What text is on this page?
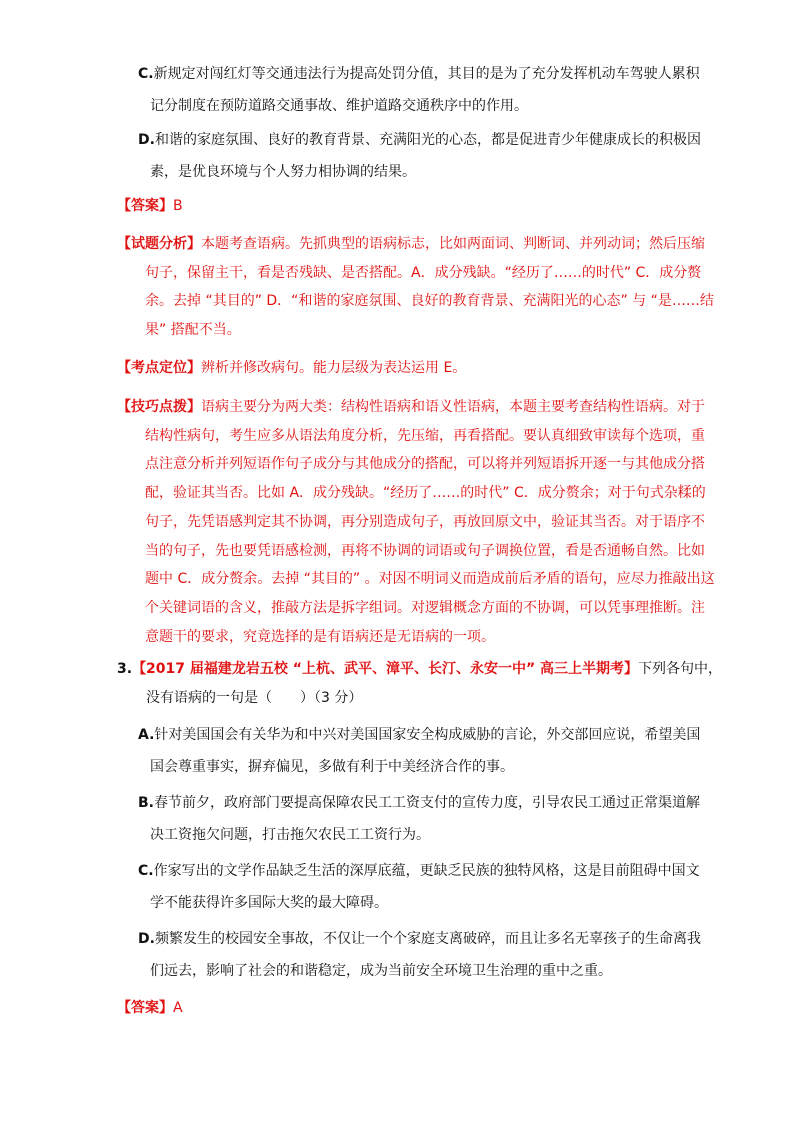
C.新规定对闯红灯等交通违法行为提高处罚分值，其目的是为了充分发挥机动车驾驶人累积记分制度在预防道路交通事故、维护道路交通秩序中的作用。

D.和谐的家庭氛围、良好的教育背景、充满阳光的心态，都是促进青少年健康成长的积极因素，是优良环境与个人努力相协调的结果。

【答案】B

【试题分析】本题考查语病。先抓典型的语病标志，比如两面词、判断词、并列动词；然后压缩句子，保留主干，看是否残缺、是否搭配。A．成分残缺。“经历了……的时代” C．成分赘余。去掉 “其目的” D．“和谐的家庭氛围、良好的教育背景、充满阳光的心态” 与 “是……结果” 搭配不当。

【考点定位】辨析并修改病句。能力层级为表达运用 E。

【技巧点拨】语病主要分为两大类：结构性语病和语义性语病，本题主要考查结构性语病。对于结构性病句，考生应多从语法角度分析，先压缩，再看搭配。要认真细致审读每个选项，重点注意分析并列短语作句子成分与其他成分的搭配，可以将并列短语拆开逐一与其他成分搭配，验证其当否。比如 A．成分残缺。“经历了……的时代” C．成分赘余；对于句式杂糅的句子，先凭语感判定其不协调，再分别造成句子，再放回原文中，验证其当否。对于语序不当的句子，先也要凭语感检测，再将不协调的词语或句子调换位置，看是否通畅自然。比如题中 C．成分赘余。去掉 “其目的” 。对因不明词义而造成前后矛盾的语句，应尽力推敲出这个关键词语的含义，推敲方法是拆字组词。对逻辑概念方面的不协调，可以凭事理推断。注意题干的要求，究竟选择的是有语病还是无语病的一项。

3.【2017 届福建龙岩五校 “上杭、武平、漳平、长汀、永安一中” 高三上半期考】下列各句中，没有语病的一句是（　　）（3 分）

A.针对美国国会有关华为和中兴对美国国家安全构成威胁的言论，外交部回应说，希望美国国会尊重事实，摒弃偏见，多做有利于中美经济合作的事。

B.春节前夕，政府部门要提高保障农民工工资支付的宣传力度，引导农民工通过正常渠道解决工资拖欠问题，打击拖欠农民工工资行为。

C.作家写出的文学作品缺乏生活的深厚底蕴，更缺乏民族的独特风格，这是目前阻碍中国文学不能获得许多国际大奖的最大障碍。

D.频繁发生的校园安全事故，不仅让一个个家庭支离破碎，而且让多名无辜孩子的生命离我们远去，影响了社会的和谐稳定，成为当前安全环境卫生治理的重中之重。

【答案】A
